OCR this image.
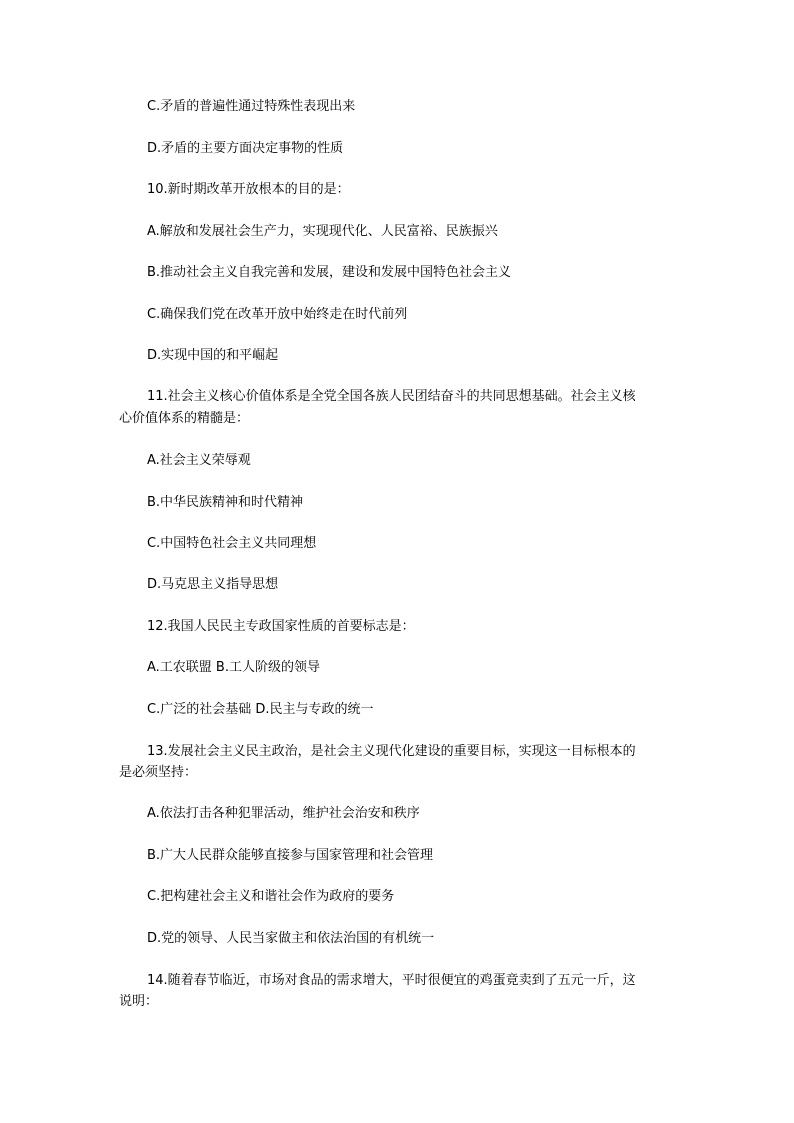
C.矛盾的普遍性通过特殊性表现出来
D.矛盾的主要方面决定事物的性质
10.新时期改革开放根本的目的是：
A.解放和发展社会生产力，实现现代化、人民富裕、民族振兴
B.推动社会主义自我完善和发展，建设和发展中国特色社会主义
C.确保我们党在改革开放中始终走在时代前列
D.实现中国的和平崛起
11.社会主义核心价值体系是全党全国各族人民团结奋斗的共同思想基础。社会主义核
心价值体系的精髓是：
A.社会主义荣辱观
B.中华民族精神和时代精神
C.中国特色社会主义共同理想
D.马克思主义指导思想
12.我国人民民主专政国家性质的首要标志是：
A.工农联盟 B.工人阶级的领导
C.广泛的社会基础 D.民主与专政的统一
13.发展社会主义民主政治，是社会主义现代化建设的重要目标，实现这一目标根本的
是必须坚持：
A.依法打击各种犯罪活动，维护社会治安和秩序
B.广大人民群众能够直接参与国家管理和社会管理
C.把构建社会主义和谐社会作为政府的要务
D.党的领导、人民当家做主和依法治国的有机统一
14.随着春节临近，市场对食品的需求增大，平时很便宜的鸡蛋竟卖到了五元一斤，这
说明：
